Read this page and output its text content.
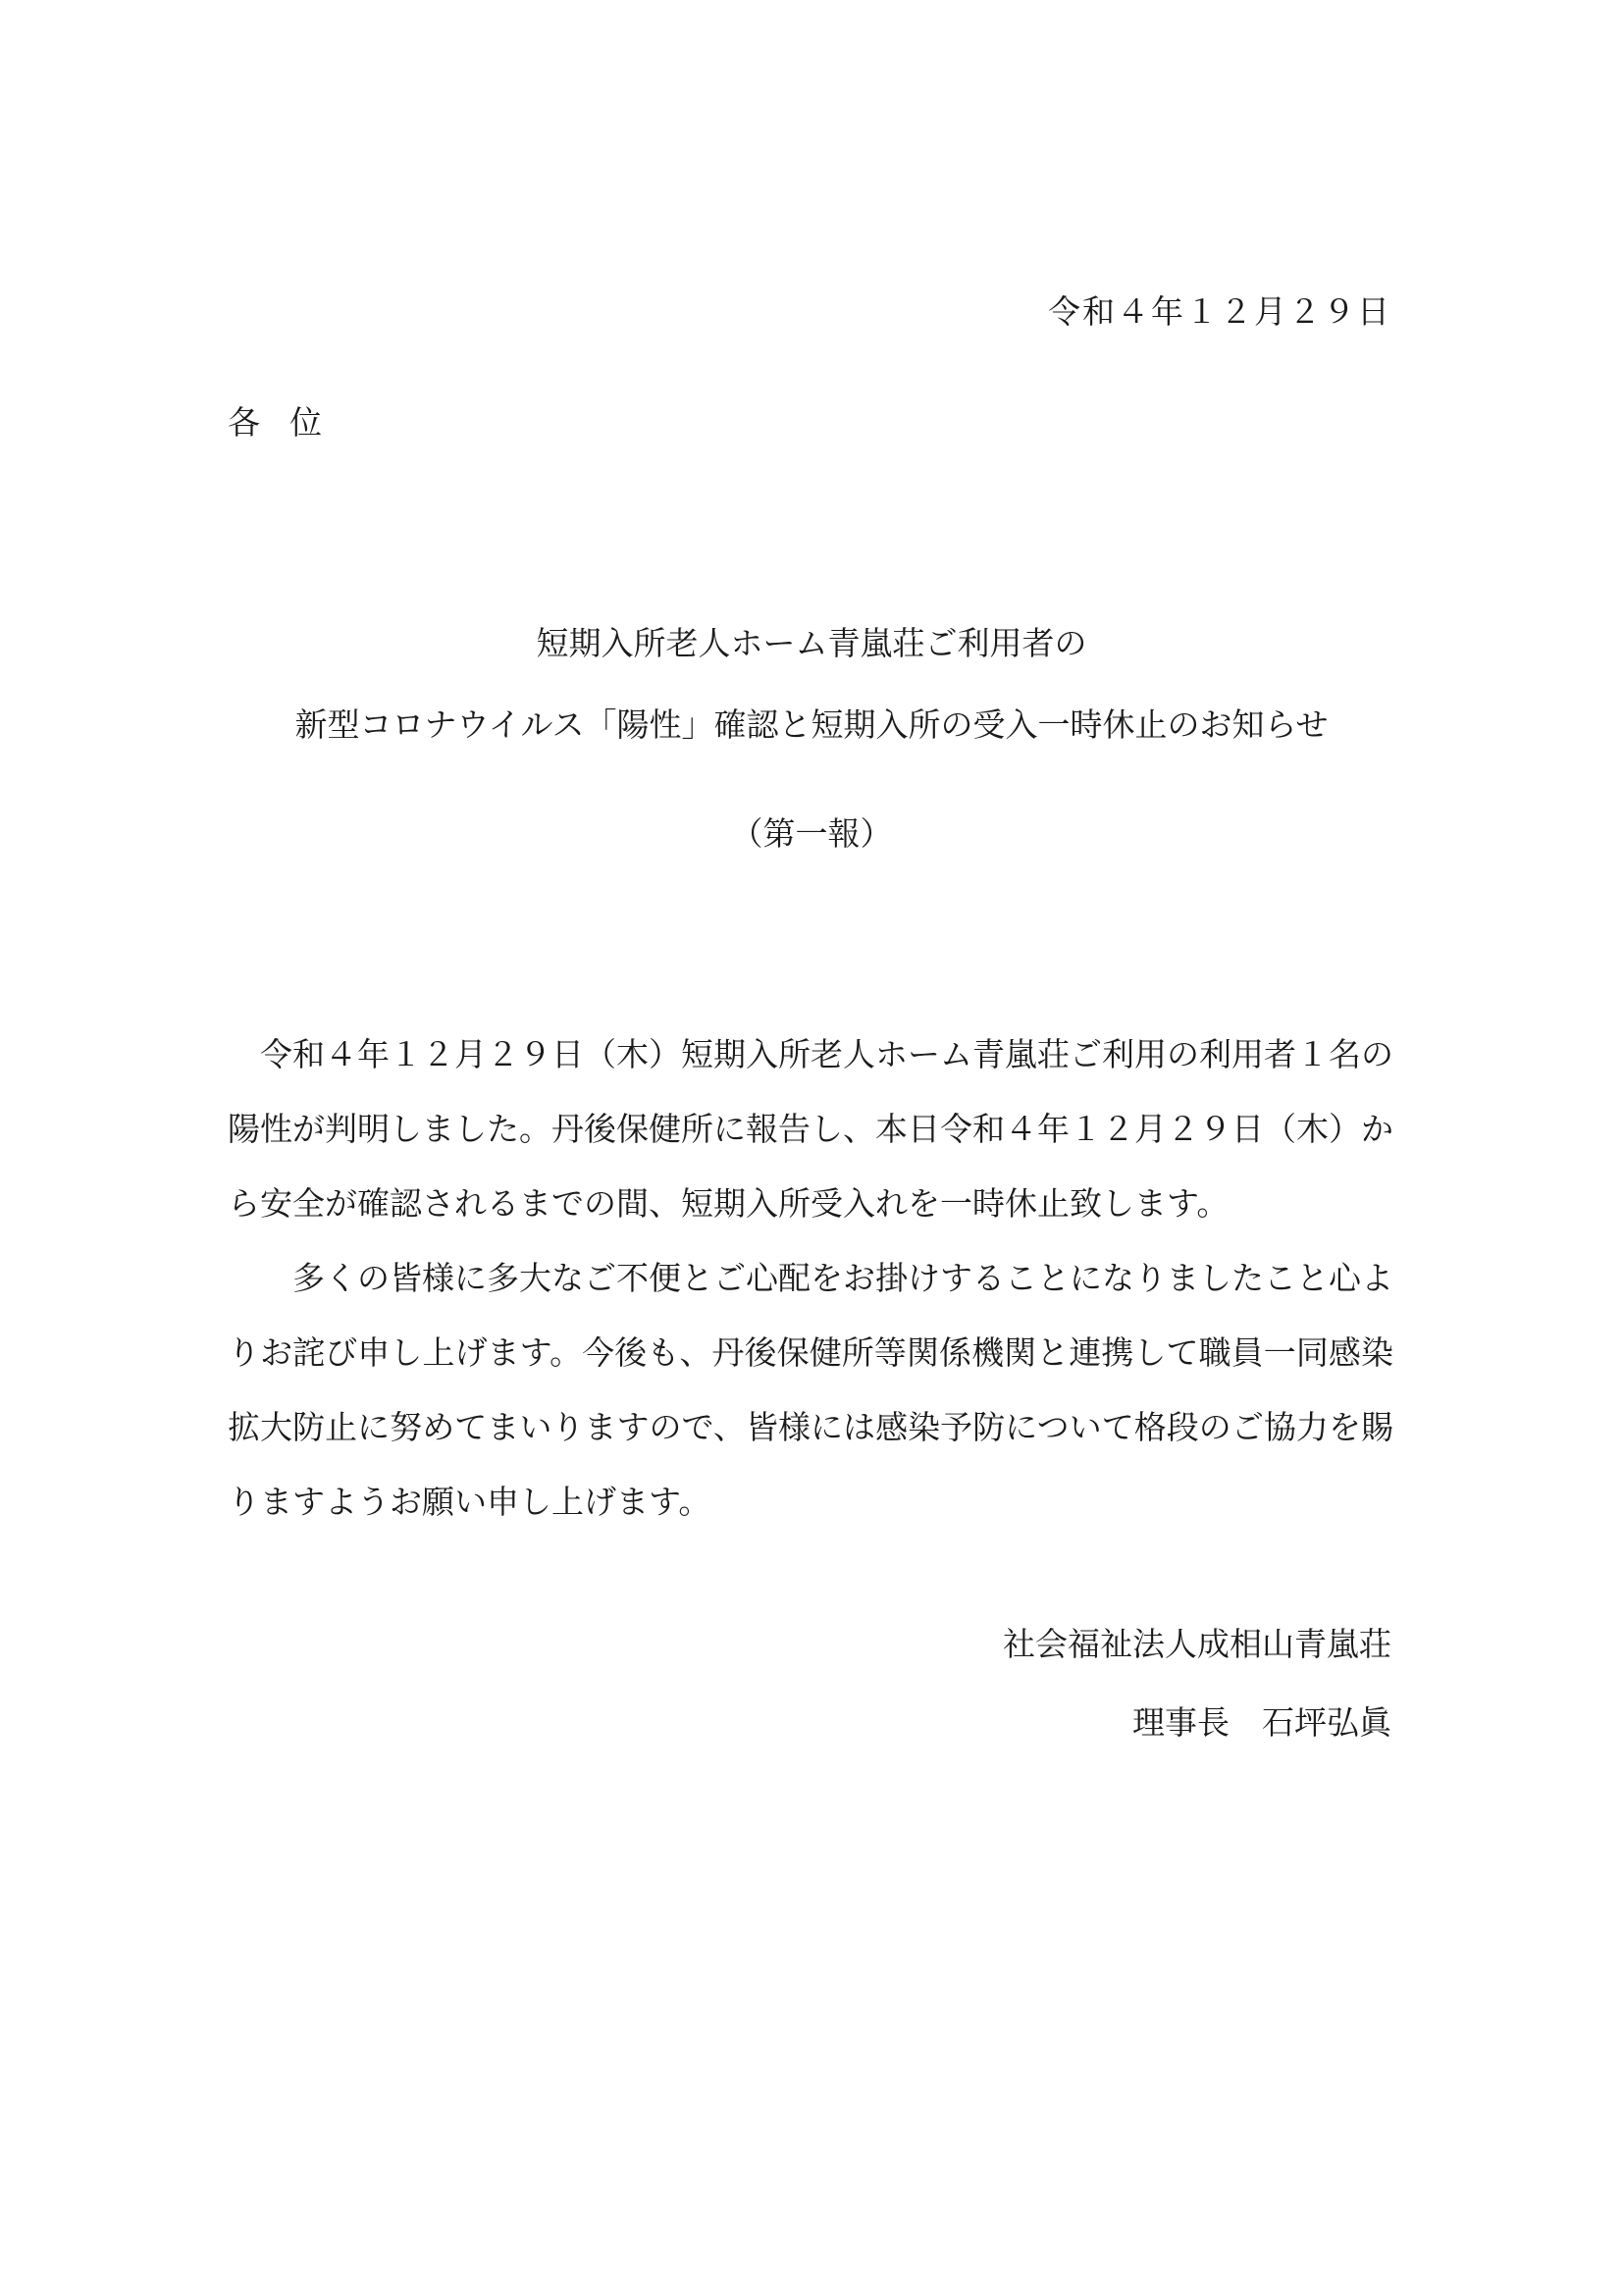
令和４年１２月２９日
各位
短期入所老人ホーム青嵐荘ご利用者の
新型コロナウイルス「陽性」確認と短期入所の受入一時休止のお知らせ
（第一報）

令和４年１２月２９日（木）短期入所老人ホーム青嵐荘ご利用の利用者１名の陽性が判明しました。丹後保健所に報告し、本日令和４年１２月２９日（木）から安全が確認されるまでの間、短期入所受入れを一時休止致します。

多くの皆様に多大なご不便とご心配をお掛けすることになりましたこと心よりお詫び申し上げます。今後も、丹後保健所等関係機関と連携して職員一同感染拡大防止に努めてまいりますので、皆様には感染予防について格段のご協力を賜りますようお願い申し上げます。

社会福祉法人成相山青嵐荘
理事長　石坪弘眞
